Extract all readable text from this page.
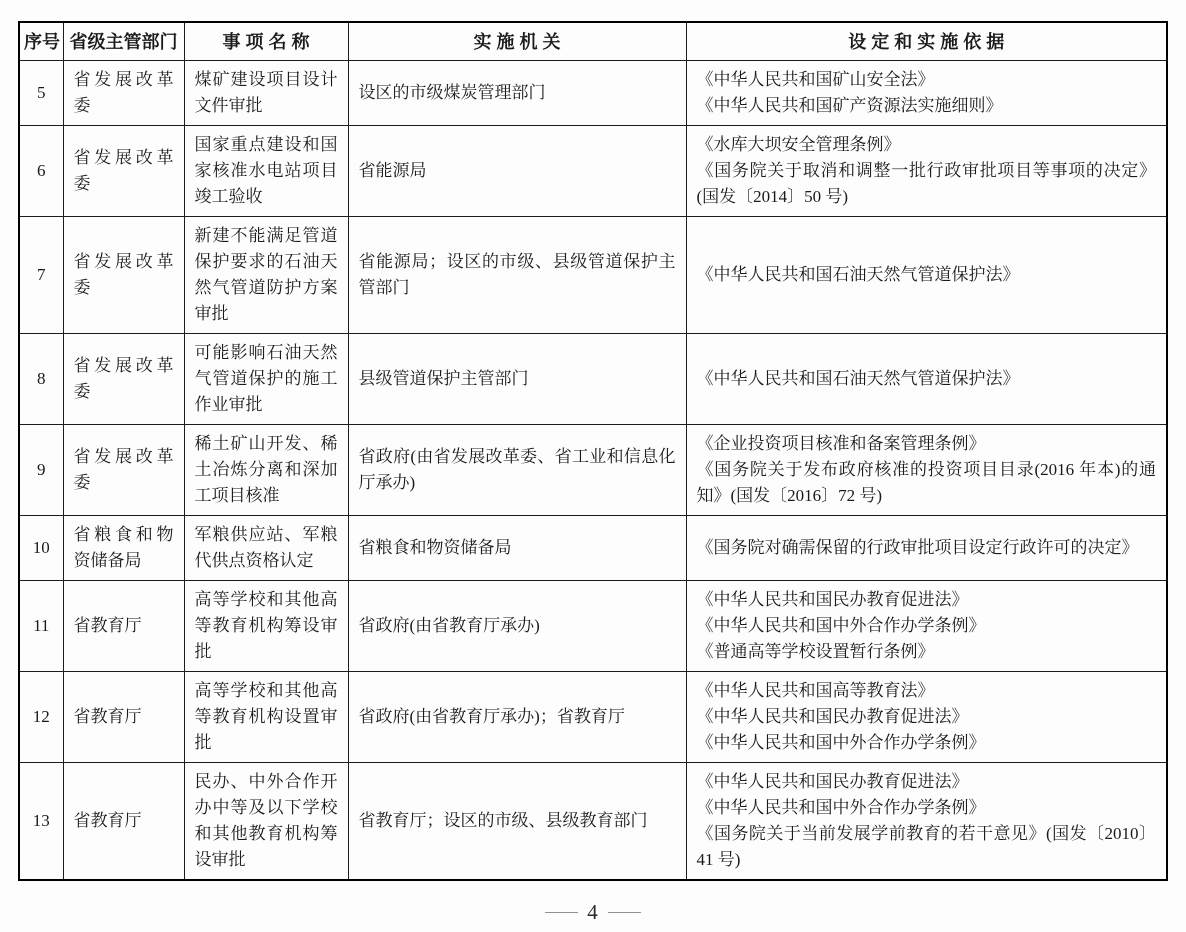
序号	省级主管部门	事 项 名 称	实 施 机 关	设 定 和 实 施 依 据
5	省发展改革委	煤矿建设项目设计文件审批	设区的市级煤炭管理部门	《中华人民共和国矿山安全法》
《中华人民共和国矿产资源法实施细则》

6	省发展改革委	国家重点建设和国家核准水电站项目竣工验收	省能源局	《水库大坝安全管理条例》
《国务院关于取消和调整一批行政审批项目等事项的决定》(国发〔2014〕50 号)

7	省发展改革委	新建不能满足管道保护要求的石油天然气管道防护方案审批	省能源局；设区的市级、县级管道保护主管部门	《中华人民共和国石油天然气管道保护法》

8	省发展改革委	可能影响石油天然气管道保护的施工作业审批	县级管道保护主管部门	《中华人民共和国石油天然气管道保护法》

9	省发展改革委	稀土矿山开发、稀土冶炼分离和深加工项目核准	省政府(由省发展改革委、省工业和信息化厅承办)	《企业投资项目核准和备案管理条例》
《国务院关于发布政府核准的投资项目目录(2016 年本)的通知》(国发〔2016〕72 号)

10	省粮食和物资储备局	军粮供应站、军粮代供点资格认定	省粮食和物资储备局	《国务院对确需保留的行政审批项目设定行政许可的决定》

11	省教育厅	高等学校和其他高等教育机构筹设审批	省政府(由省教育厅承办)	《中华人民共和国民办教育促进法》
《中华人民共和国中外合作办学条例》
《普通高等学校设置暂行条例》

12	省教育厅	高等学校和其他高等教育机构设置审批	省政府(由省教育厅承办)；省教育厅	《中华人民共和国高等教育法》
《中华人民共和国民办教育促进法》
《中华人民共和国中外合作办学条例》

13	省教育厅	民办、中外合作开办中等及以下学校和其他教育机构筹设审批	省教育厅；设区的市级、县级教育部门	《中华人民共和国民办教育促进法》
《中华人民共和国中外合作办学条例》
《国务院关于当前发展学前教育的若干意见》(国发〔2010〕41 号)
— 4 —
